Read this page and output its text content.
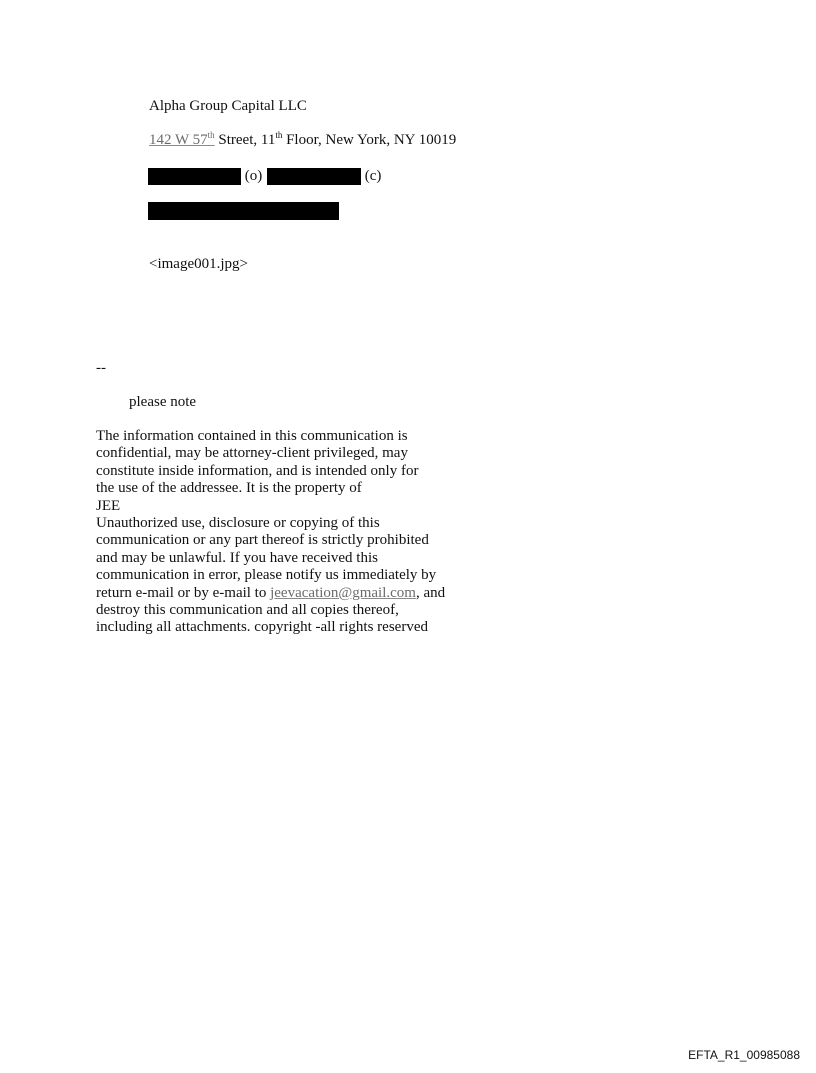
Alpha Group Capital LLC
142 W 57th Street, 11th Floor, New York, NY 10019
(o)	(c)
<image001.jpg>
--
please note
The information contained in this communication is
confidential, may be attorney-client privileged, may
constitute inside information, and is intended only for
the use of the addressee. It is the property of
JEE
Unauthorized use, disclosure or copying of this
communication or any part thereof is strictly prohibited
and may be unlawful. If you have received this
communication in error, please notify us immediately by
return e-mail or by e-mail to jeevacation@gmail.com, and
destroy this communication and all copies thereof,
including all attachments. copyright -all rights reserved
EFTA_R1_00985088
